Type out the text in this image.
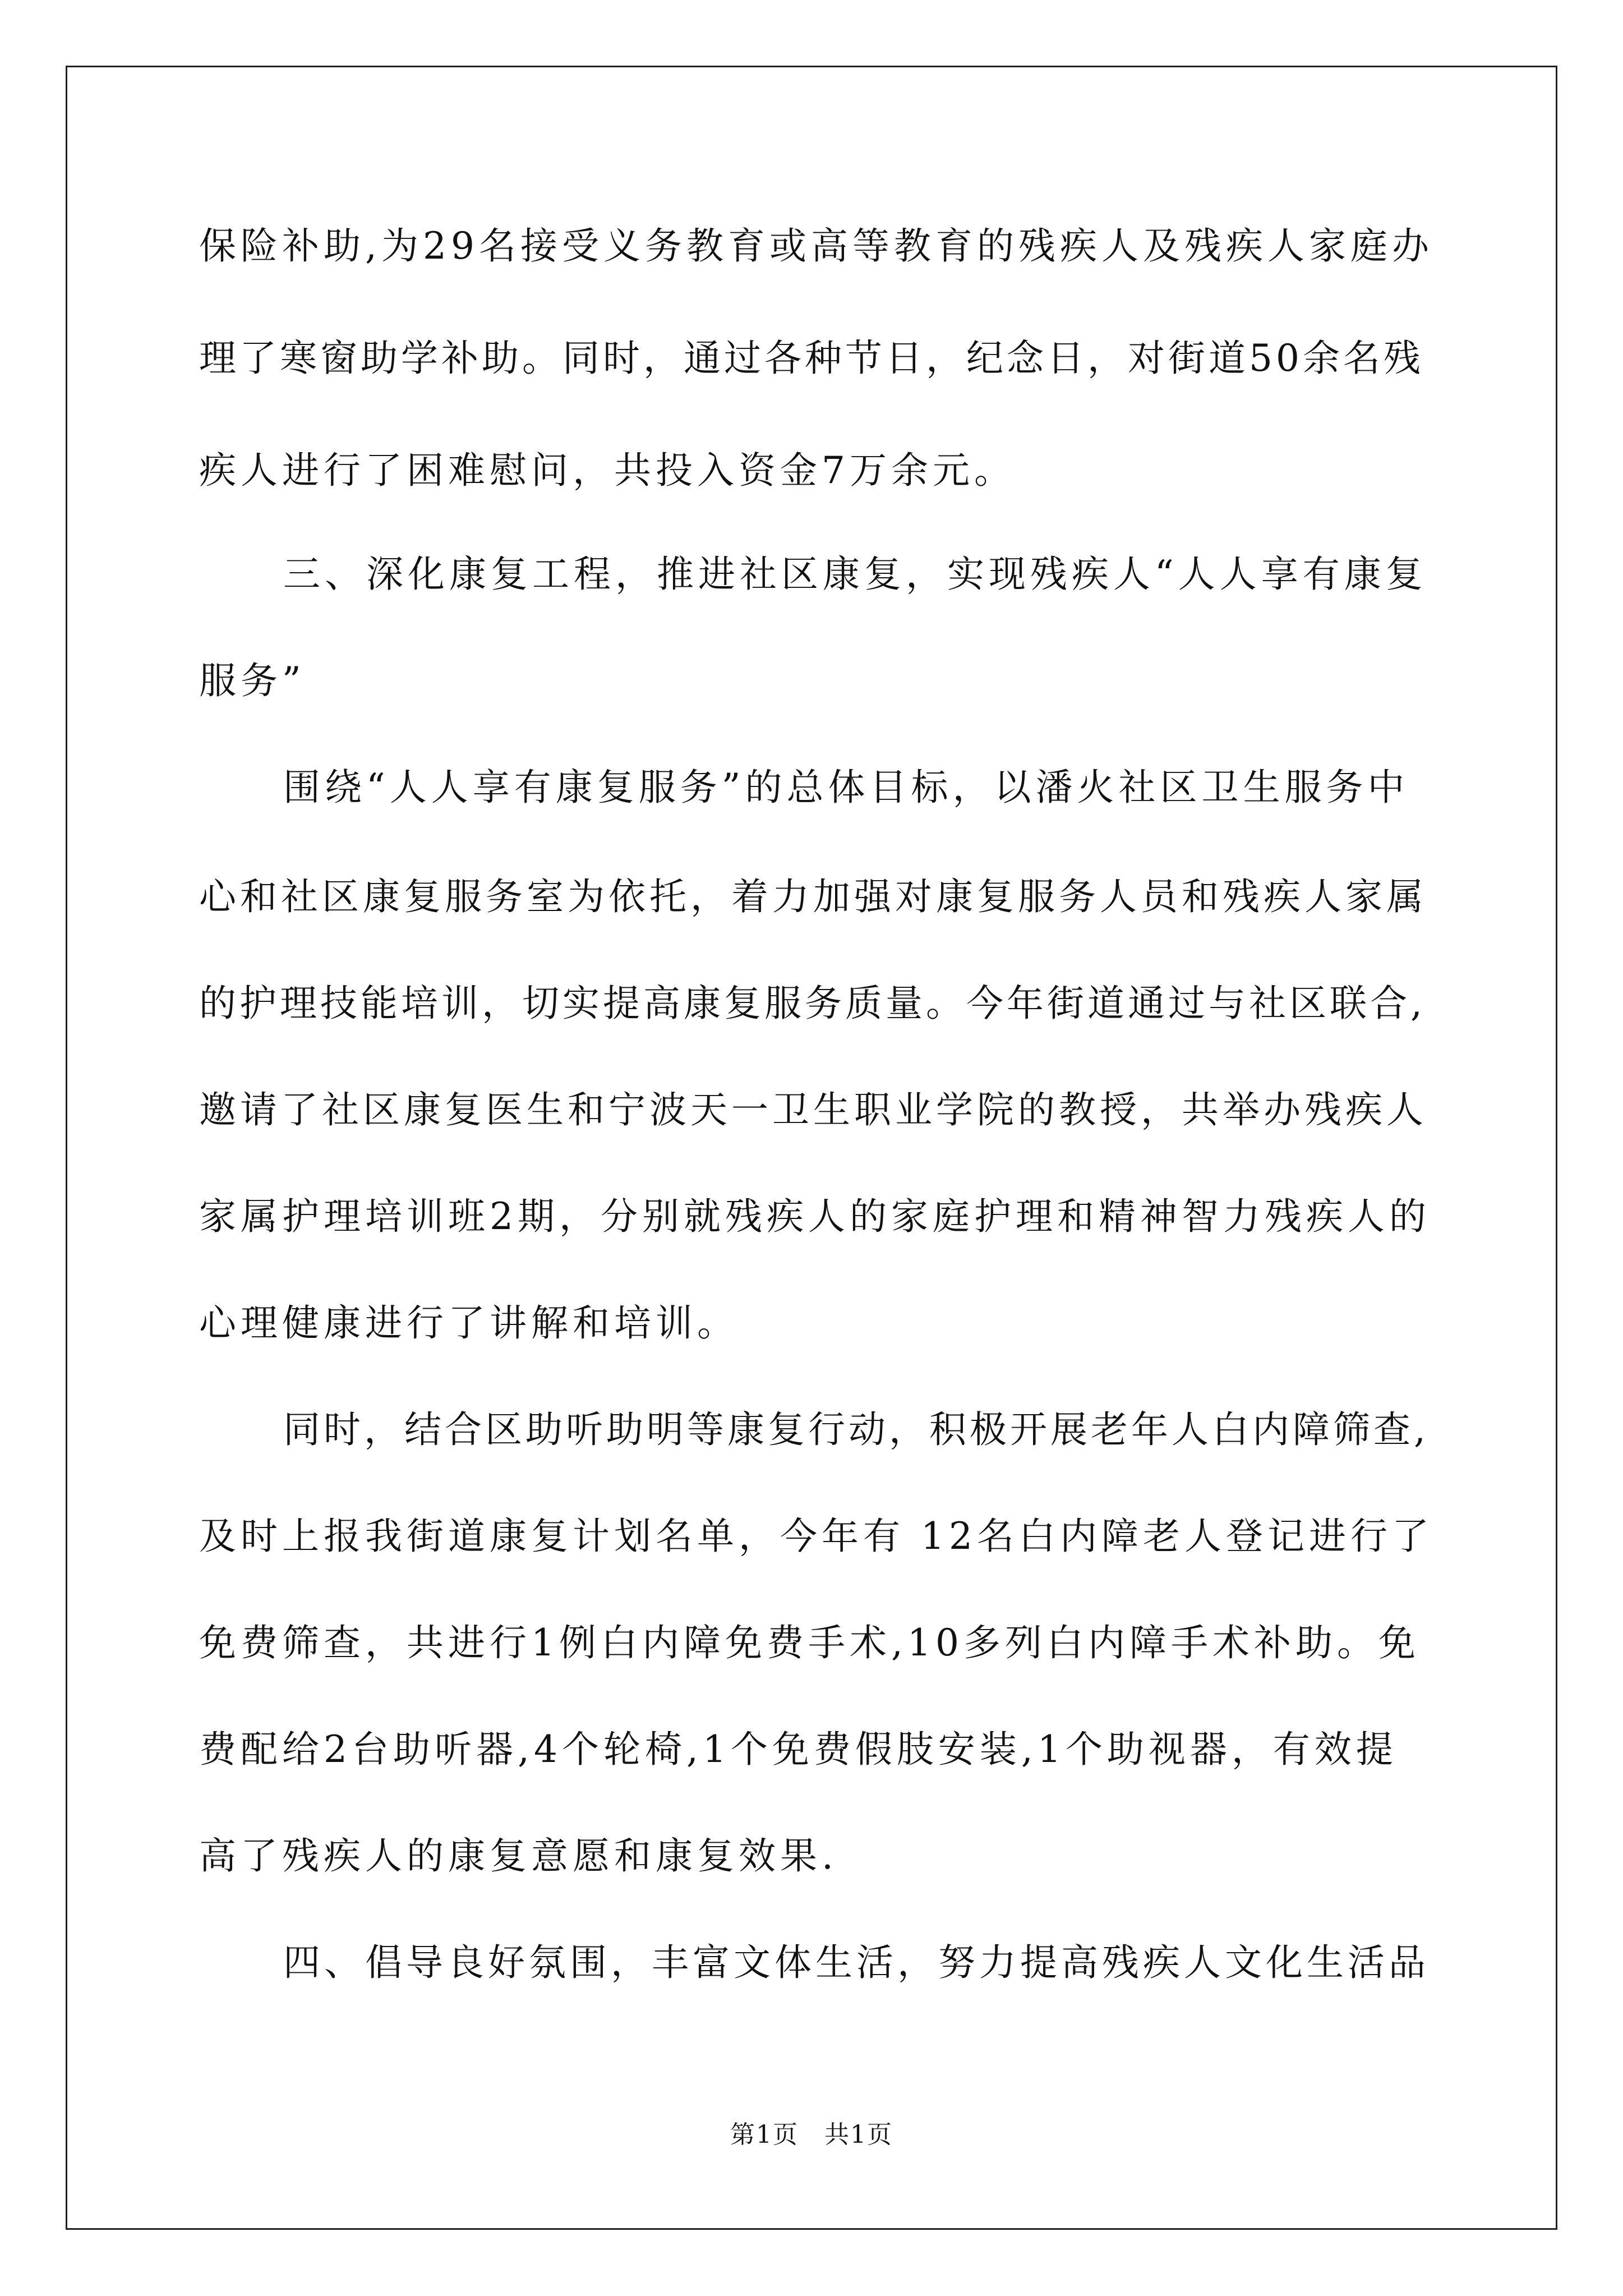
保险补助,为29名接受义务教育或高等教育的残疾人及残疾人家庭办
理了寒窗助学补助。同时，通过各种节日，纪念日，对街道50余名残
疾人进行了困难慰问，共投入资金7万余元。
三、深化康复工程，推进社区康复，实现残疾人“人人享有康复
服务”
围绕“人人享有康复服务”的总体目标，以潘火社区卫生服务中
心和社区康复服务室为依托，着力加强对康复服务人员和残疾人家属
的护理技能培训，切实提高康复服务质量。今年街道通过与社区联合,
邀请了社区康复医生和宁波天一卫生职业学院的教授，共举办残疾人
家属护理培训班2期，分别就残疾人的家庭护理和精神智力残疾人的
心理健康进行了讲解和培训。
同时，结合区助听助明等康复行动，积极开展老年人白内障筛查,
及时上报我街道康复计划名单，今年有 12名白内障老人登记进行了
免费筛查，共进行1例白内障免费手术,10多列白内障手术补助。免
费配给2台助听器,4个轮椅,1个免费假肢安装,1个助视器，有效提
高了残疾人的康复意愿和康复效果.
四、倡导良好氛围，丰富文体生活，努力提高残疾人文化生活品
第1页　共1页
